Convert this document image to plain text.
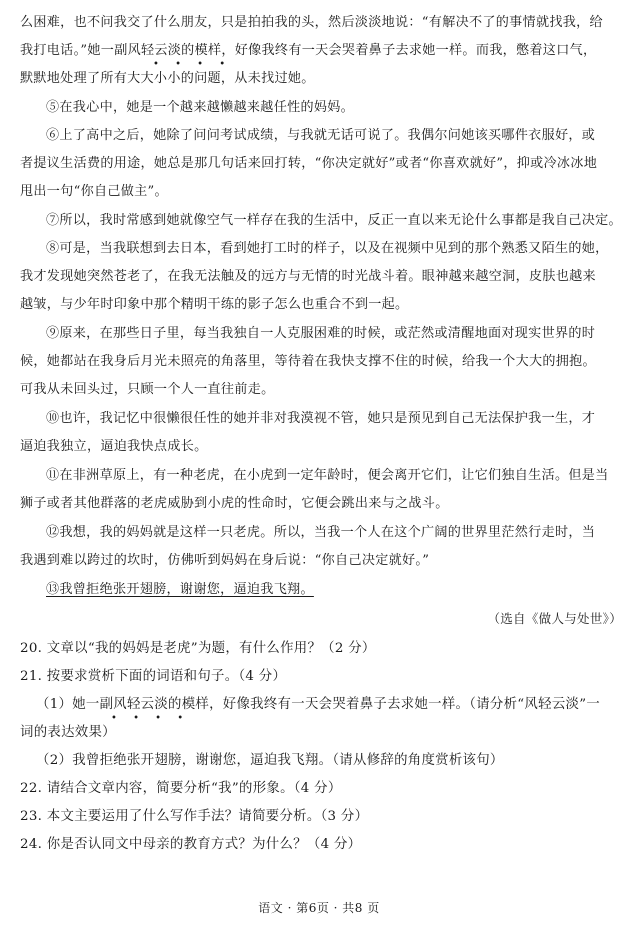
么困难，也不问我交了什么朋友，只是拍拍我的头，然后淡淡地说：“有解决不了的事情就找我，给
我打电话。”她一副风轻云淡的模样，好像我终有一天会哭着鼻子去求她一样。而我，憋着这口气，
• • • •
默默地处理了所有大大小小的问题，从未找过她。
⑤在我心中，她是一个越来越懒越来越任性的妈妈。
⑥上了高中之后，她除了问问考试成绩，与我就无话可说了。我偶尔问她该买哪件衣服好，或
者提议生活费的用途，她总是那几句话来回打转，“你决定就好”或者“你喜欢就好”，抑或冷冰冰地
甩出一句“你自己做主”。
⑦所以，我时常感到她就像空气一样存在我的生活中，反正一直以来无论什么事都是我自己决定。
⑧可是，当我联想到去日本，看到她打工时的样子，以及在视频中见到的那个熟悉又陌生的她，
我才发现她突然苍老了，在我无法触及的远方与无情的时光战斗着。眼神越来越空洞，皮肤也越来
越皱，与少年时印象中那个精明干练的影子怎么也重合不到一起。
⑨原来，在那些日子里，每当我独自一人克服困难的时候，或茫然或清醒地面对现实世界的时
候，她都站在我身后月光未照亮的角落里，等待着在我快支撑不住的时候，给我一个大大的拥抱。
可我从未回头过，只顾一个人一直往前走。
⑩也许，我记忆中很懒很任性的她并非对我漠视不管，她只是预见到自己无法保护我一生，才
逼迫我独立，逼迫我快点成长。
⑪在非洲草原上，有一种老虎，在小虎到一定年龄时，便会离开它们，让它们独自生活。但是当
狮子或者其他群落的老虎威胁到小虎的性命时，它便会跳出来与之战斗。
⑫我想，我的妈妈就是这样一只老虎。所以，当我一个人在这个广阔的世界里茫然行走时，当
我遇到难以跨过的坎时，仿佛听到妈妈在身后说：“你自己决定就好。”
⑬我曾拒绝张开翅膀，谢谢您，逼迫我飞翔。
（选自《做人与处世》）
20. 文章以“我的妈妈是老虎”为题，有什么作用？（2 分）
21. 按要求赏析下面的词语和句子。（4 分）
（1）她一副风轻云淡的模样，好像我终有一天会哭着鼻子去求她一样。（请分析“风轻云淡”一
• • • •
词的表达效果）
（2）我曾拒绝张开翅膀，谢谢您，逼迫我飞翔。（请从修辞的角度赏析该句）
22. 请结合文章内容，简要分析“我”的形象。（4 分）
23. 本文主要运用了什么写作手法？请简要分析。（3 分）
24. 你是否认同文中母亲的教育方式？为什么？（4 分）
语文 · 第6页 · 共8 页
